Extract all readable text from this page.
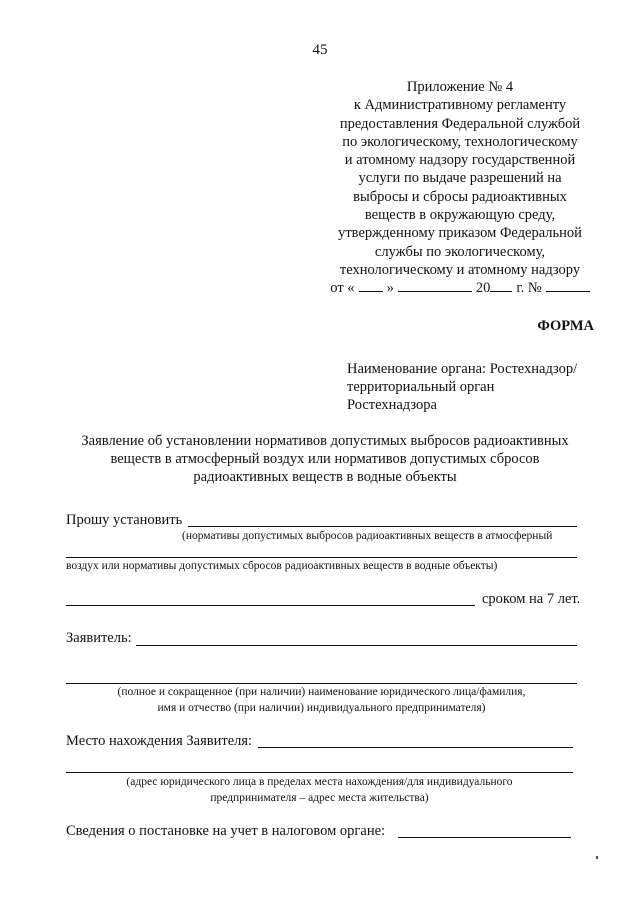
45
Приложение № 4
к Административному регламенту
предоставления Федеральной службой
по экологическому, технологическому
и атомному надзору государственной
услуги по выдаче разрешений на
выбросы и сбросы радиоактивных
веществ в окружающую среду,
утвержденному приказом Федеральной
службы по экологическому,
технологическому и атомному надзору
от « »	20 г. №
ФОРМА
Наименование органа: Ростехнадзор/
территориальный орган
Ростехнадзора
Заявление об установлении нормативов допустимых выбросов радиоактивных
веществ в атмосферный воздух или нормативов допустимых сбросов
радиоактивных веществ в водные объекты
Прошу установить
(нормативы допустимых выбросов радиоактивных веществ в атмосферный
воздух или нормативы допустимых сбросов радиоактивных веществ в водные объекты)
сроком на 7 лет.
Заявитель:
(полное и сокращенное (при наличии) наименование юридического лица/фамилия,
имя и отчество (при наличии) индивидуального предпринимателя)
Место нахождения Заявителя:
(адрес юридического лица в пределах места нахождения/для индивидуального
предпринимателя – адрес места жительства)
Сведения о постановке на учет в налоговом органе:
